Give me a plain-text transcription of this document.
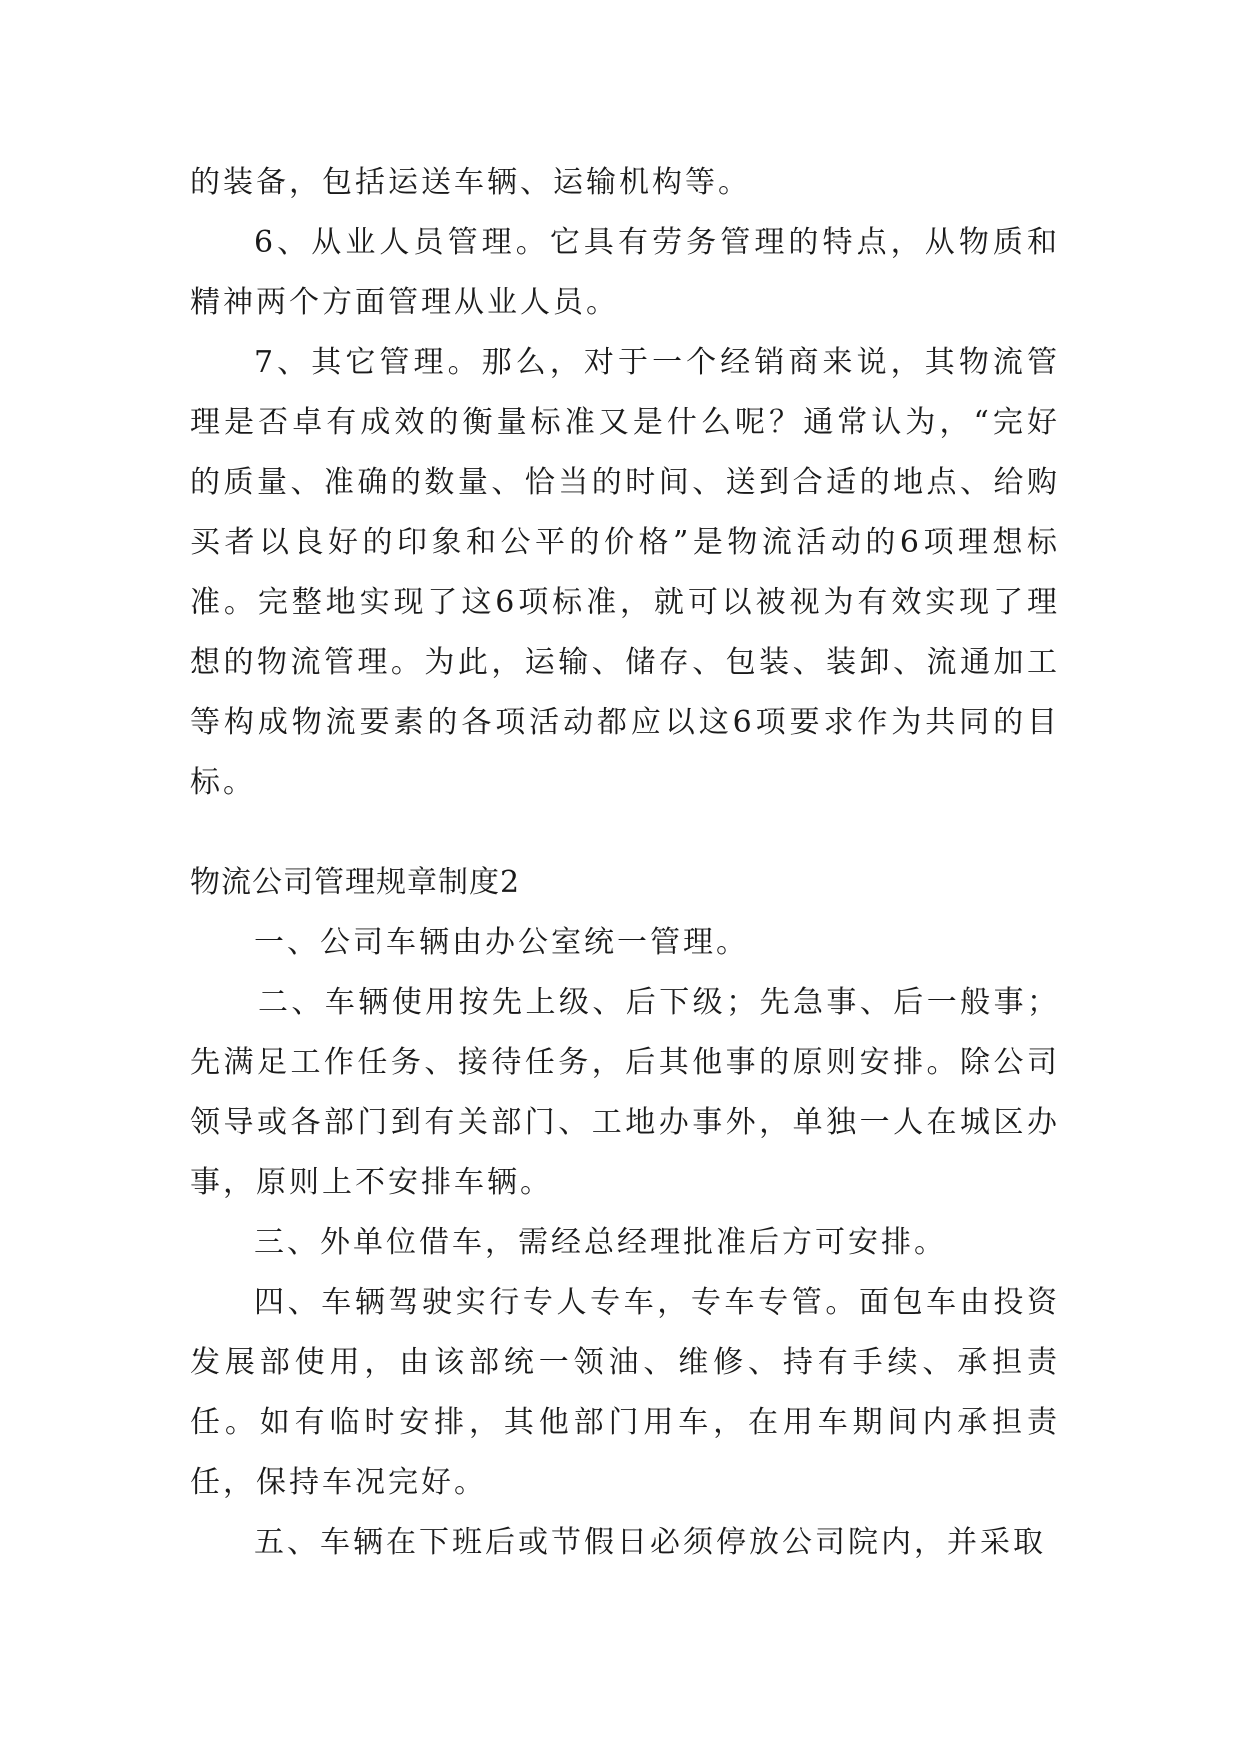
的装备，包括运送车辆、运输机构等。

6、从业人员管理。它具有劳务管理的特点，从物质和精神两个方面管理从业人员。

7、其它管理。那么，对于一个经销商来说，其物流管理是否卓有成效的衡量标准又是什么呢？通常认为，“完好的质量、准确的数量、恰当的时间、送到合适的地点、给购买者以良好的印象和公平的价格”是物流活动的6项理想标准。完整地实现了这6项标准，就可以被视为有效实现了理想的物流管理。为此，运输、储存、包装、装卸、流通加工等构成物流要素的各项活动都应以这6项要求作为共同的目标。

物流公司管理规章制度2

一、公司车辆由办公室统一管理。

二、车辆使用按先上级、后下级；先急事、后一般事；先满足工作任务、接待任务，后其他事的原则安排。除公司领导或各部门到有关部门、工地办事外，单独一人在城区办事，原则上不安排车辆。

三、外单位借车，需经总经理批准后方可安排。

四、车辆驾驶实行专人专车，专车专管。面包车由投资发展部使用，由该部统一领油、维修、持有手续、承担责任。如有临时安排，其他部门用车，在用车期间内承担责任，保持车况完好。

五、车辆在下班后或节假日必须停放公司院内，并采取
